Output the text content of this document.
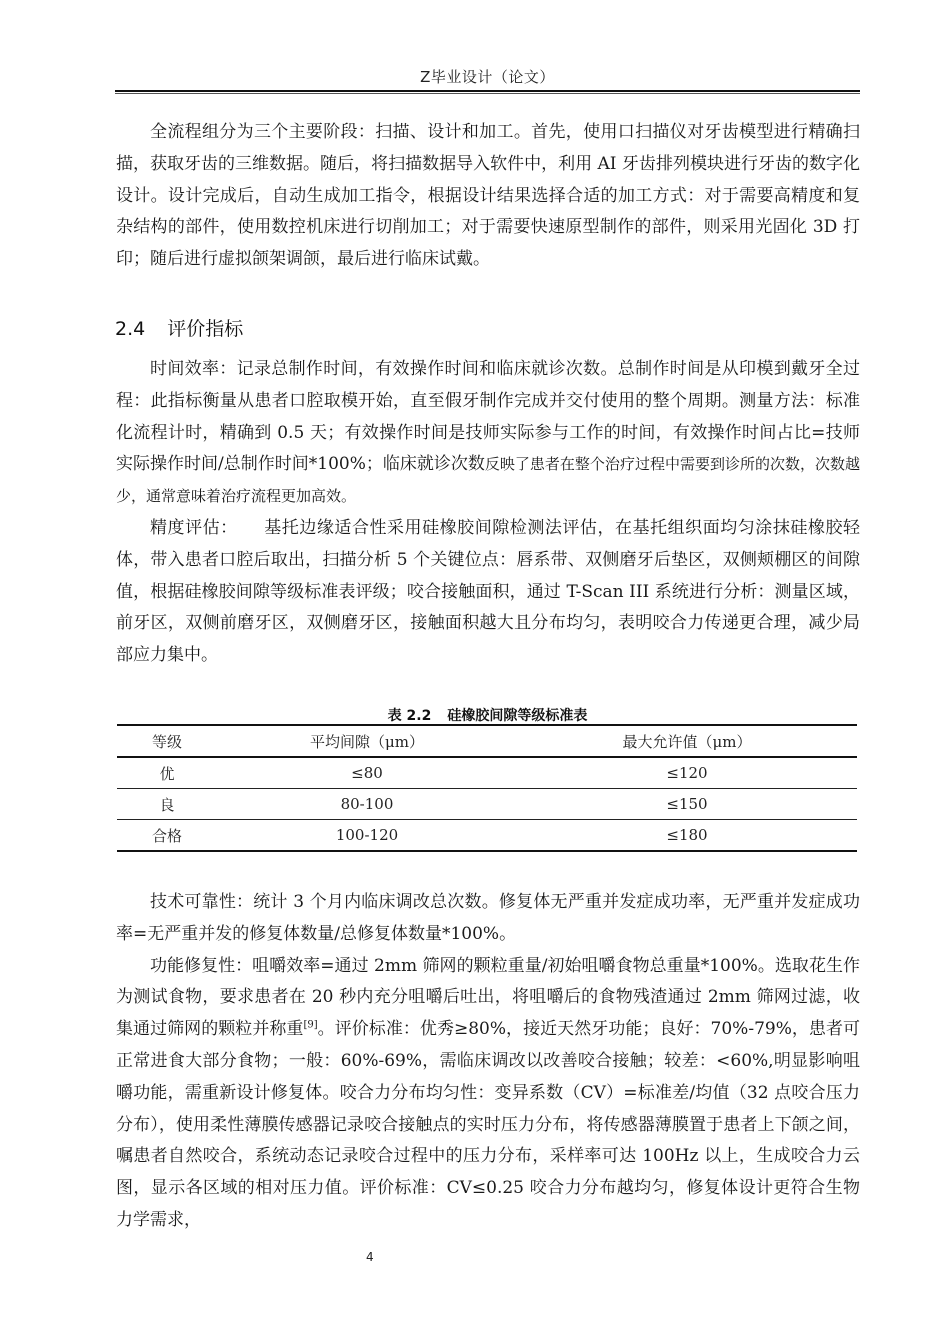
Z毕业设计（论文）

全流程组分为三个主要阶段：扫描、设计和加工。首先，使用口扫描仪对牙齿模型进行精确扫描，获取牙齿的三维数据。随后，将扫描数据导入软件中，利用 AI 牙齿排列模块进行牙齿的数字化设计。设计完成后，自动生成加工指令，根据设计结果选择合适的加工方式：对于需要高精度和复杂结构的部件，使用数控机床进行切削加工；对于需要快速原型制作的部件，则采用光固化 3D 打印；随后进行虚拟颌架调颌，最后进行临床试戴。

2.4 评价指标

时间效率：记录总制作时间，有效操作时间和临床就诊次数。总制作时间是从印模到戴牙全过程：此指标衡量从患者口腔取模开始，直至假牙制作完成并交付使用的整个周期。测量方法：标准化流程计时，精确到 0.5 天；有效操作时间是技师实际参与工作的时间，有效操作时间占比=技师实际操作时间/总制作时间*100%；临床就诊次数反映了患者在整个治疗过程中需要到诊所的次数，次数越少，通常意味着治疗流程更加高效。

精度评估：　　基托边缘适合性采用硅橡胶间隙检测法评估，在基托组织面均匀涂抹硅橡胶轻体，带入患者口腔后取出，扫描分析 5 个关键位点：唇系带、双侧磨牙后垫区，双侧颊棚区的间隙值，根据硅橡胶间隙等级标准表评级；咬合接触面积，通过 T-Scan III 系统进行分析：测量区域，前牙区，双侧前磨牙区，双侧磨牙区，接触面积越大且分布均匀，表明咬合力传递更合理，减少局部应力集中。

表 2.2 硅橡胶间隙等级标准表
等级	平均间隙（μm）	最大允许值（μm）
优	≤80	≤120
良	80-100	≤150
合格	100-120	≤180

技术可靠性：统计 3 个月内临床调改总次数。修复体无严重并发症成功率，无严重并发症成功率=无严重并发的修复体数量/总修复体数量*100%。

功能修复性：咀嚼效率=通过 2mm 筛网的颗粒重量/初始咀嚼食物总重量*100%。选取花生作为测试食物，要求患者在 20 秒内充分咀嚼后吐出，将咀嚼后的食物残渣通过 2mm 筛网过滤，收集通过筛网的颗粒并称重[9]。评价标准：优秀≥80%，接近天然牙功能；良好：70%-79%，患者可正常进食大部分食物；一般：60%-69%，需临床调改以改善咬合接触；较差：<60%,明显影响咀嚼功能，需重新设计修复体。咬合力分布均匀性：变异系数（CV）=标准差/均值（32 点咬合压力分布），使用柔性薄膜传感器记录咬合接触点的实时压力分布，将传感器薄膜置于患者上下颌之间，嘱患者自然咬合，系统动态记录咬合过程中的压力分布，采样率可达 100Hz 以上，生成咬合力云图，显示各区域的相对压力值。评价标准：CV≤0.25 咬合力分布越均匀，修复体设计更符合生物力学需求，

4
